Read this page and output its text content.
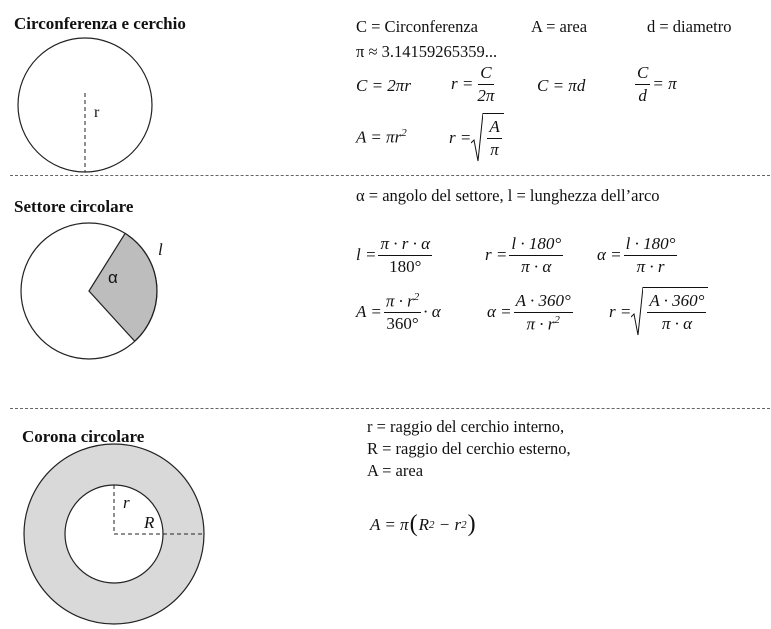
Circonferenza e cerchio
r
C = Circonferenza	A = area	d = diametro
π ≈ 3.14159265359...
C = 2πr $r = \frac{C}{2\pi}$ C = πd	$\frac{C}{d} = \pi$
$A = \pi r^2$ $r = \frac{A}{\pi}$
Settore circolare
α
l
α = angolo del settore, l = lunghezza dell’arco
$l = \frac{\pi \cdot r \cdot \alpha}{180^\circ}$	$r = \frac{l \cdot 180^\circ}{\pi \cdot \alpha}$ $\alpha = \frac{l \cdot 180^\circ}{\pi \cdot r}$
$A = \frac{\pi \cdot r^2}{360^\circ} \cdot \alpha$	$\alpha = \frac{A \cdot 360^\circ}{\pi \cdot r^2}$ $r = \frac{A \cdot 360^\circ}{\pi \cdot \alpha}$
Corona circolare
r
R
r = raggio del cerchio interno,
R = raggio del cerchio esterno,
A = area
A = π ( R 2 − r 2 )
